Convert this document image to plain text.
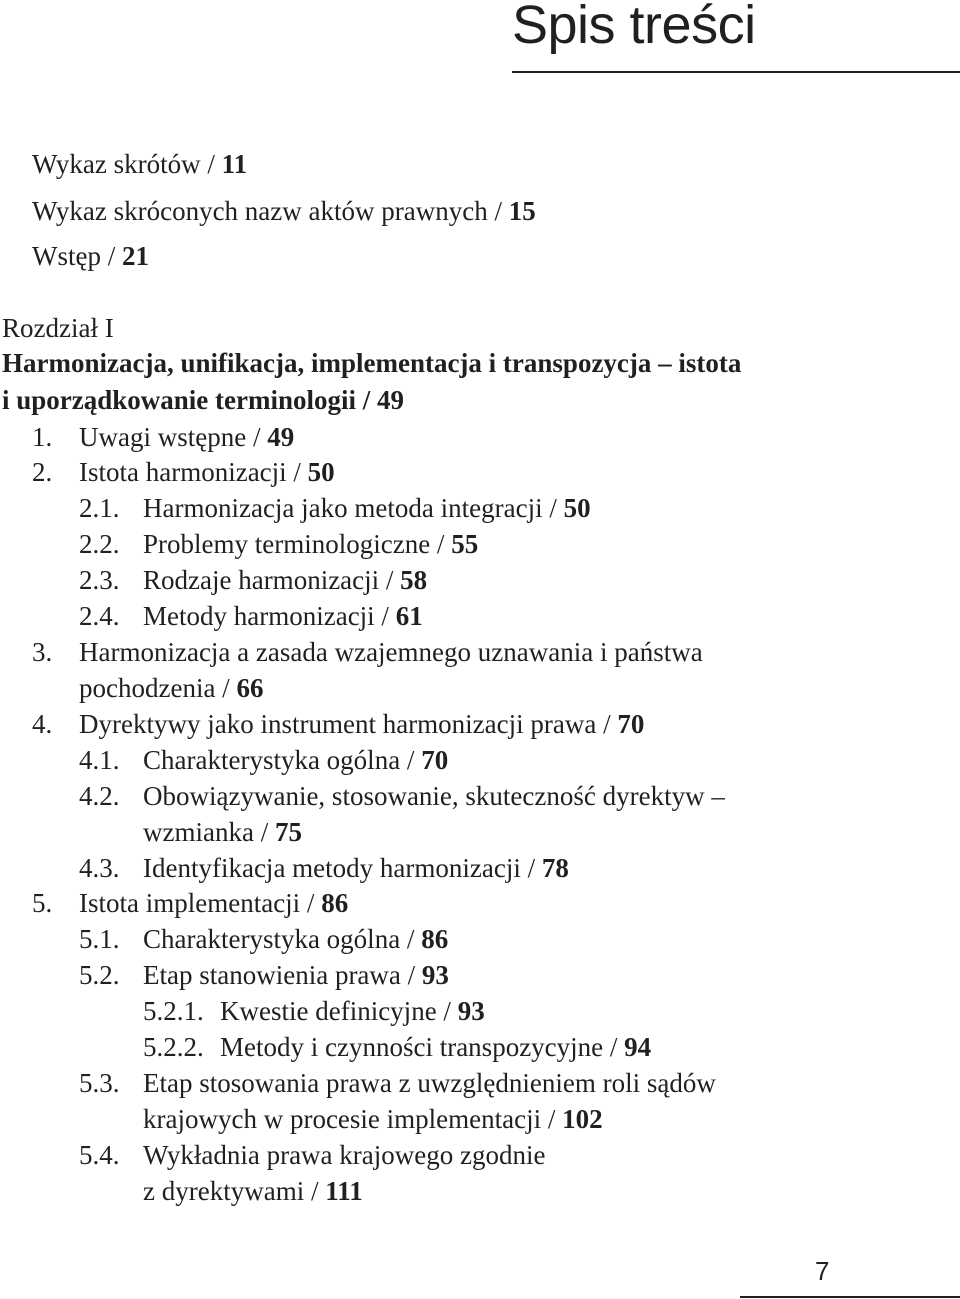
Spis treści
Wykaz skrótów / 11
Wykaz skróconych nazw aktów prawnych / 15
Wstęp / 21
Rozdział I
Harmonizacja, unifikacja, implementacja i transpozycja – istota
i uporządkowanie terminologii / 49
1. Uwagi wstępne / 49
2. Istota harmonizacji / 50
2.1. Harmonizacja jako metoda integracji / 50
2.2. Problemy terminologiczne / 55
2.3. Rodzaje harmonizacji / 58
2.4. Metody harmonizacji / 61
3. Harmonizacja a zasada wzajemnego uznawania i państwa
pochodzenia / 66
4. Dyrektywy jako instrument harmonizacji prawa / 70
4.1. Charakterystyka ogólna / 70
4.2. Obowiązywanie, stosowanie, skuteczność dyrektyw –
wzmianka / 75
4.3. Identyfikacja metody harmonizacji / 78
5. Istota implementacji / 86
5.1. Charakterystyka ogólna / 86
5.2. Etap stanowienia prawa / 93
5.2.1. Kwestie definicyjne / 93
5.2.2. Metody i czynności transpozycyjne / 94
5.3. Etap stosowania prawa z uwzględnieniem roli sądów
krajowych w procesie implementacji / 102
5.4. Wykładnia prawa krajowego zgodnie
z dyrektywami / 111
7
